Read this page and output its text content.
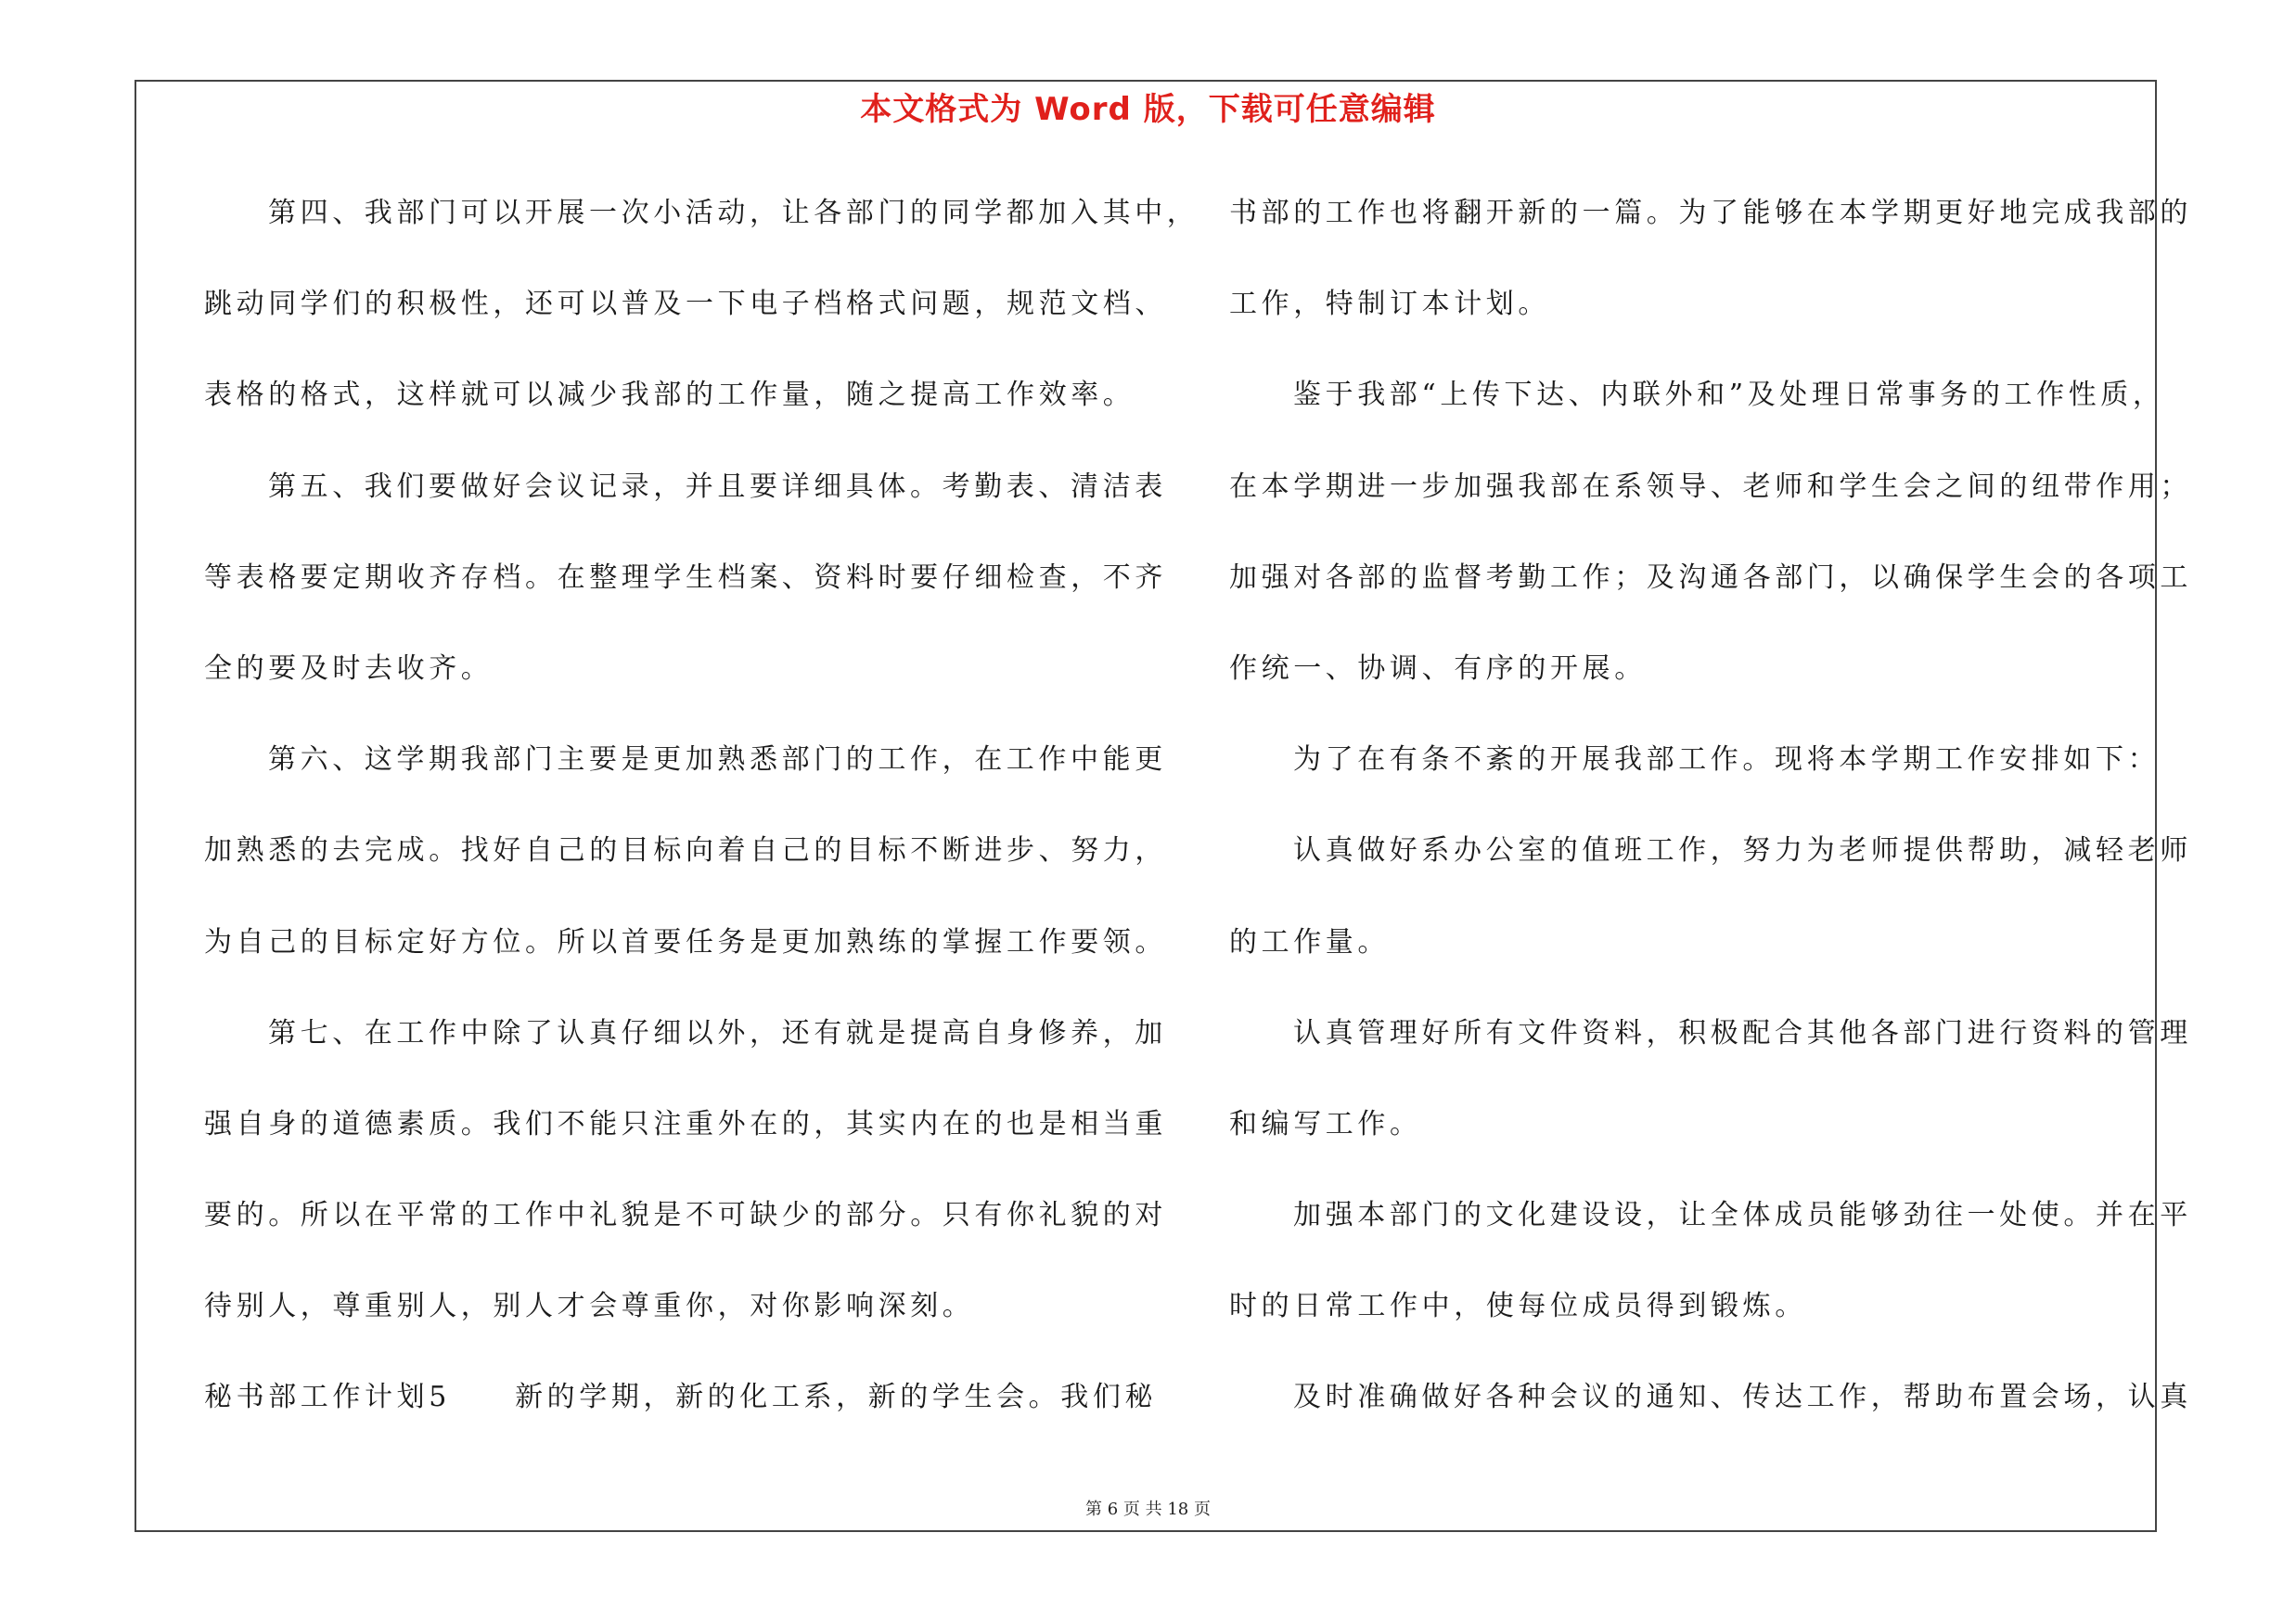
本文格式为 Word 版，下载可任意编辑
第四、我部门可以开展一次小活动，让各部门的同学都加入其中，
跳动同学们的积极性，还可以普及一下电子档格式问题，规范文档、
表格的格式，这样就可以减少我部的工作量，随之提高工作效率。
第五、我们要做好会议记录，并且要详细具体。考勤表、清洁表
等表格要定期收齐存档。在整理学生档案、资料时要仔细检查，不齐
全的要及时去收齐。
第六、这学期我部门主要是更加熟悉部门的工作，在工作中能更
加熟悉的去完成。找好自己的目标向着自己的目标不断进步、努力，
为自己的目标定好方位。所以首要任务是更加熟练的掌握工作要领。
第七、在工作中除了认真仔细以外，还有就是提高自身修养，加
强自身的道德素质。我们不能只注重外在的，其实内在的也是相当重
要的。所以在平常的工作中礼貌是不可缺少的部分。只有你礼貌的对
待别人，尊重别人，别人才会尊重你，对你影响深刻。
秘书部工作计划5　　新的学期，新的化工系，新的学生会。我们秘
书部的工作也将翻开新的一篇。为了能够在本学期更好地完成我部的
工作，特制订本计划。
鉴于我部“上传下达、内联外和”及处理日常事务的工作性质，
在本学期进一步加强我部在系领导、老师和学生会之间的纽带作用；
加强对各部的监督考勤工作；及沟通各部门，以确保学生会的各项工
作统一、协调、有序的开展。
为了在有条不紊的开展我部工作。现将本学期工作安排如下：
认真做好系办公室的值班工作，努力为老师提供帮助，减轻老师
的工作量。
认真管理好所有文件资料，积极配合其他各部门进行资料的管理
和编写工作。
加强本部门的文化建设设，让全体成员能够劲往一处使。并在平
时的日常工作中，使每位成员得到锻炼。
及时准确做好各种会议的通知、传达工作，帮助布置会场，认真
第 6 页 共 18 页
